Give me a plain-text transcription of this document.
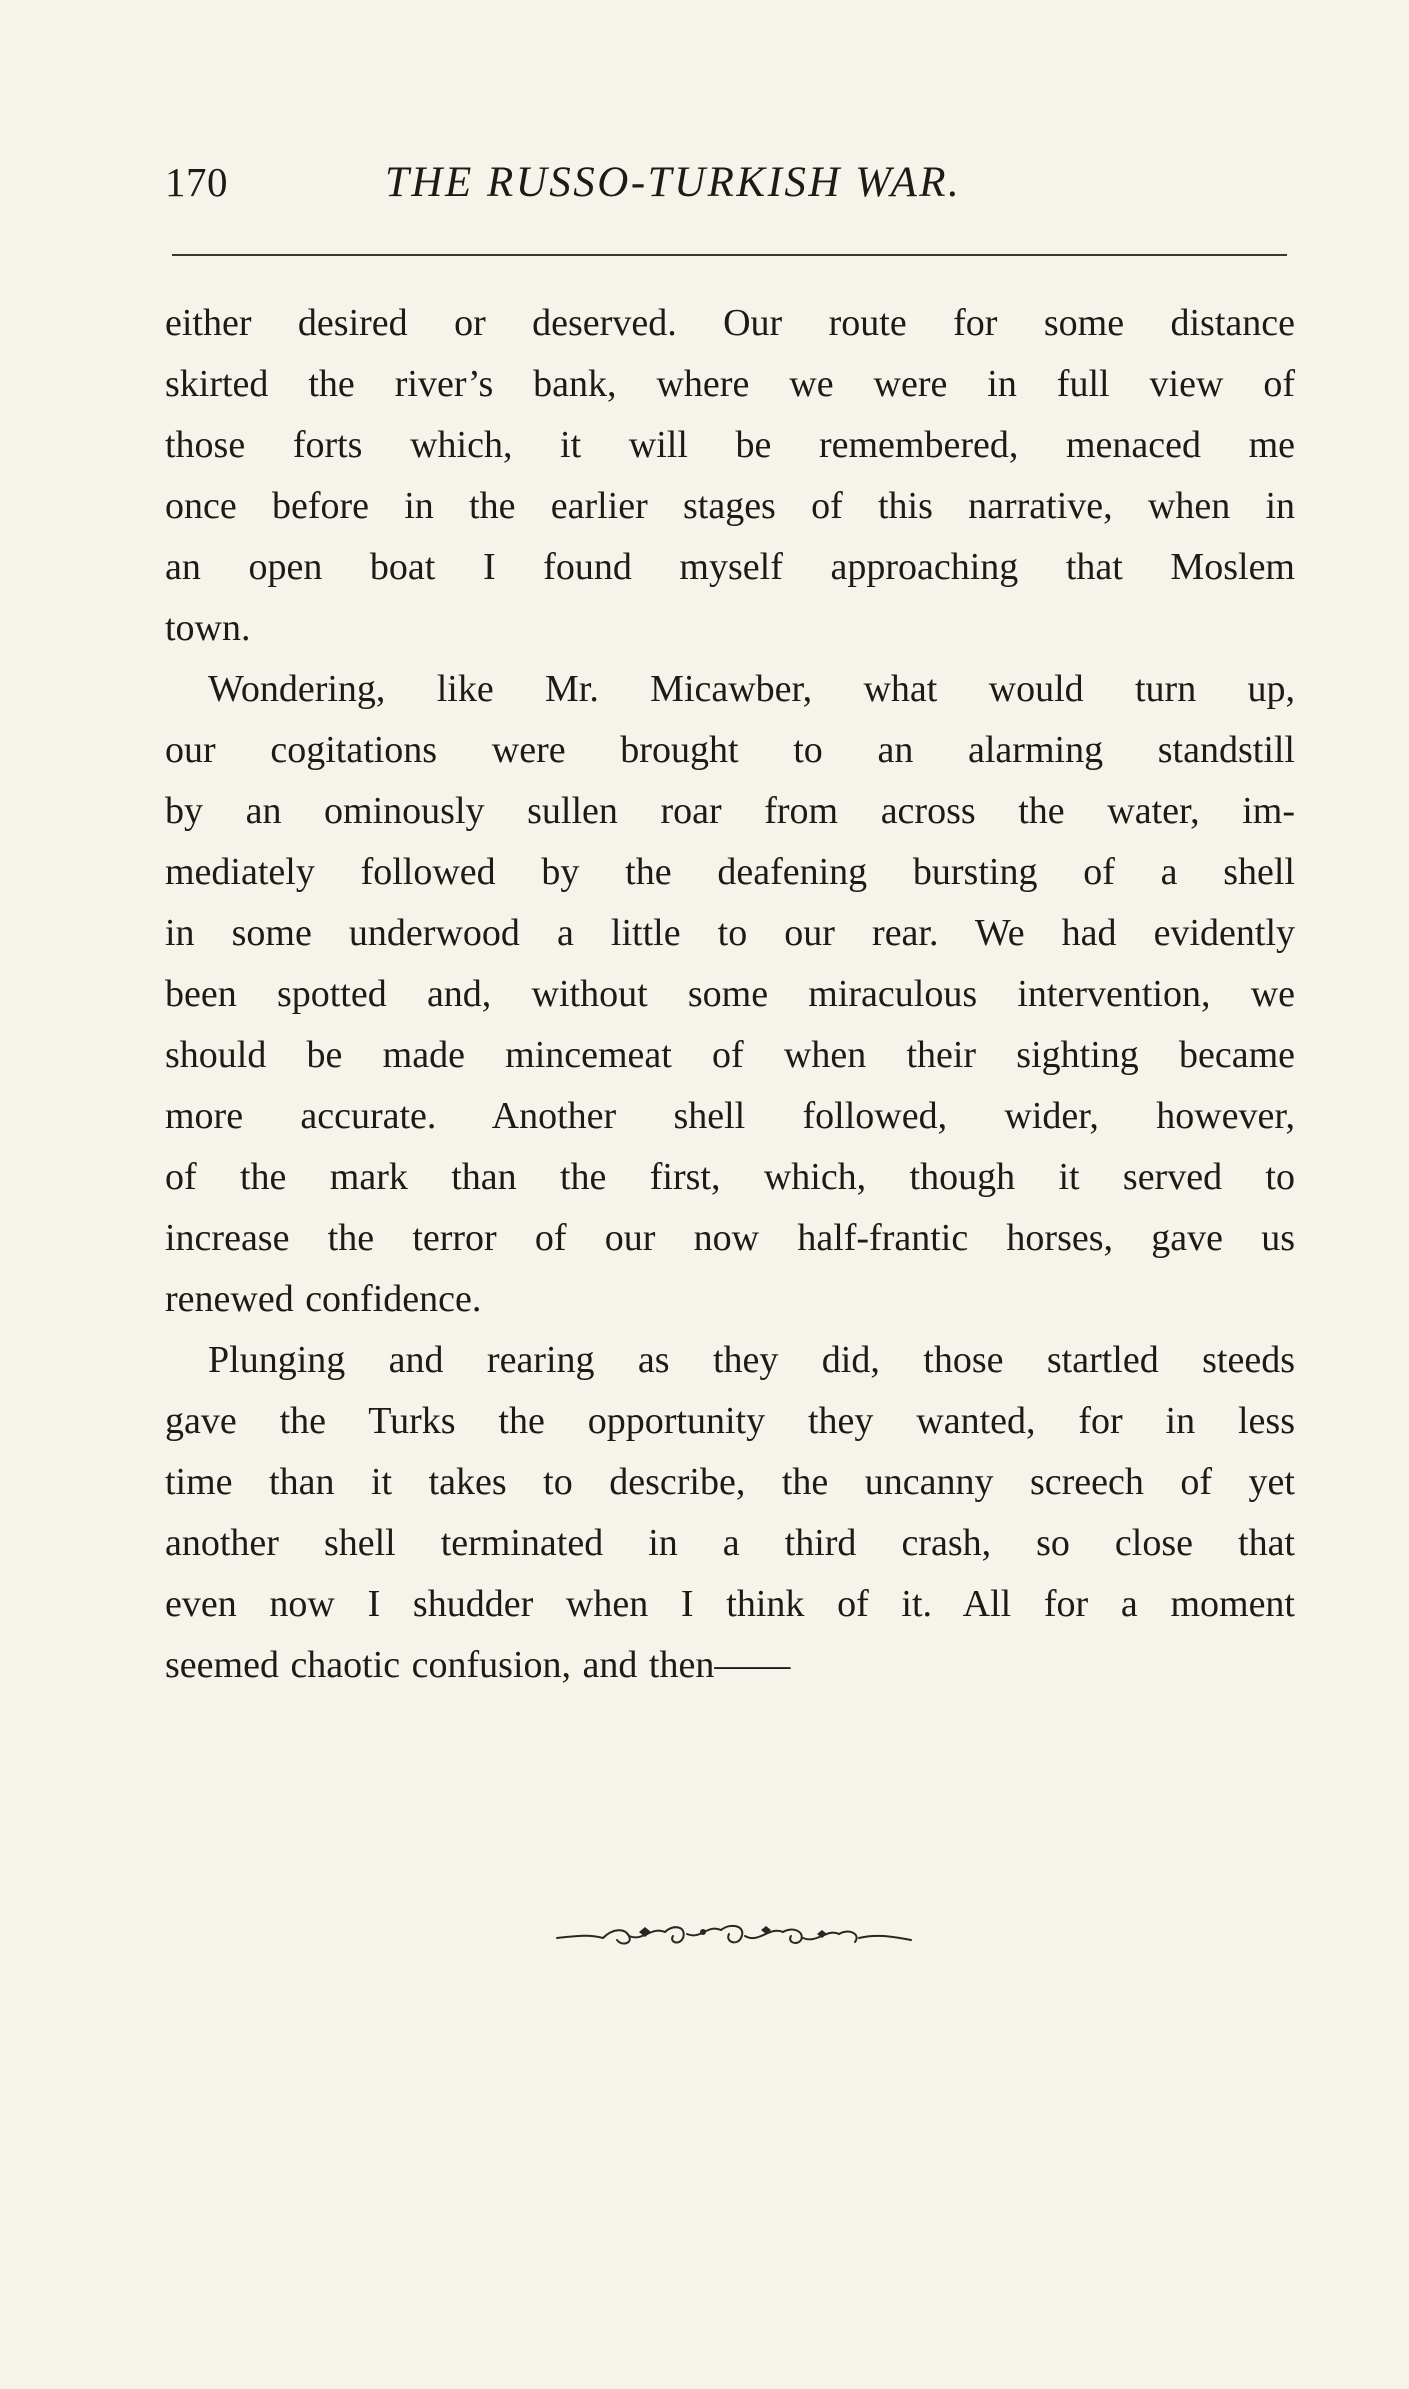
170	THE RUSSO-TURKISH WAR.
either desired or deserved. Our route for some distance
skirted the river’s bank, where we were in full view of
those forts which, it will be remembered, menaced me
once before in the earlier stages of this narrative, when in
an open boat I found myself approaching that Moslem
town.
Wondering, like Mr. Micawber, what would turn up,
our cogitations were brought to an alarming standstill
by an ominously sullen roar from across the water, im-
mediately followed by the deafening bursting of a shell
in some underwood a little to our rear. We had evidently
been spotted and, without some miraculous intervention, we
should be made mincemeat of when their sighting became
more accurate. Another shell followed, wider, however,
of the mark than the first, which, though it served to
increase the terror of our now half-frantic horses, gave us
renewed confidence.
Plunging and rearing as they did, those startled steeds
gave the Turks the opportunity they wanted, for in less
time than it takes to describe, the uncanny screech of yet
another shell terminated in a third crash, so close that
even now I shudder when I think of it. All for a moment
seemed chaotic confusion, and then——
